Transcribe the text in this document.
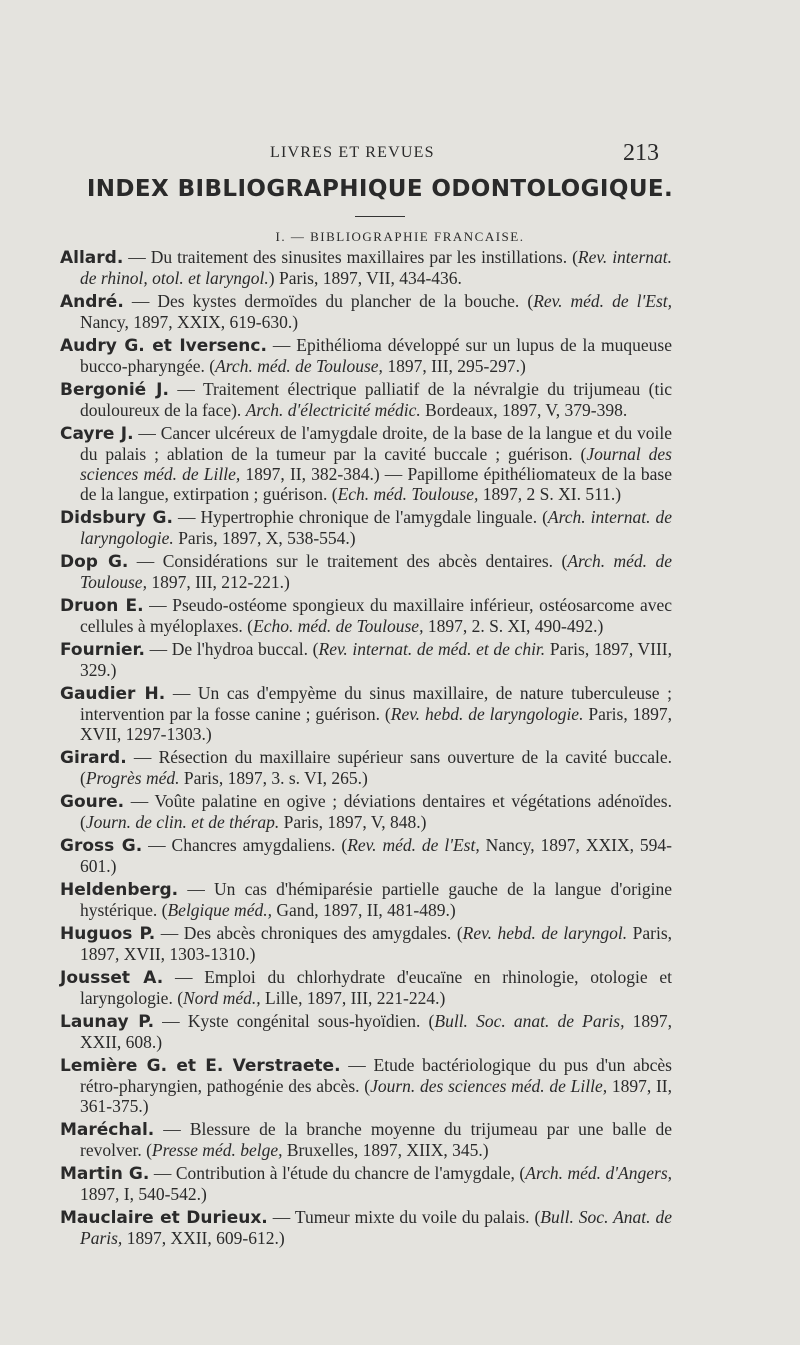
LIVRES ET REVUES	213
INDEX BIBLIOGRAPHIQUE ODONTOLOGIQUE.
I. — BIBLIOGRAPHIE FRANCAISE.

Allard. — Du traitement des sinusites maxillaires par les instillations. (Rev. internat. de rhinol, otol. et laryngol.) Paris, 1897, VII, 434-436.

André. — Des kystes dermoïdes du plancher de la bouche. (Rev. méd. de l'Est, Nancy, 1897, XXIX, 619-630.)

Audry G. et Iversenc. — Epithélioma développé sur un lupus de la muqueuse bucco-pharyngée. (Arch. méd. de Toulouse, 1897, III, 295-297.)

Bergonié J. — Traitement électrique palliatif de la névralgie du trijumeau (tic douloureux de la face). Arch. d'électricité médic. Bordeaux, 1897, V, 379-398.

Cayre J. — Cancer ulcéreux de l'amygdale droite, de la base de la langue et du voile du palais ; ablation de la tumeur par la cavité buccale ; guérison. (Journal des sciences méd. de Lille, 1897, II, 382-384.) — Papillome épithéliomateux de la base de la langue, extirpation ; guérison. (Ech. méd. Toulouse, 1897, 2 S. XI. 511.)

Didsbury G. — Hypertrophie chronique de l'amygdale linguale. (Arch. internat. de laryngologie. Paris, 1897, X, 538-554.)

Dop G. — Considérations sur le traitement des abcès dentaires. (Arch. méd. de Toulouse, 1897, III, 212-221.)

Druon E. — Pseudo-ostéome spongieux du maxillaire inférieur, ostéosarcome avec cellules à myéloplaxes. (Echo. méd. de Toulouse, 1897, 2. S. XI, 490-492.)

Fournier. — De l'hydroa buccal. (Rev. internat. de méd. et de chir. Paris, 1897, VIII, 329.)

Gaudier H. — Un cas d'empyème du sinus maxillaire, de nature tuberculeuse ; intervention par la fosse canine ; guérison. (Rev. hebd. de laryngologie. Paris, 1897, XVII, 1297-1303.)

Girard. — Résection du maxillaire supérieur sans ouverture de la cavité buccale. (Progrès méd. Paris, 1897, 3. s. VI, 265.)

Goure. — Voûte palatine en ogive ; déviations dentaires et végétations adénoïdes. (Journ. de clin. et de thérap. Paris, 1897, V, 848.)

Gross G. — Chancres amygdaliens. (Rev. méd. de l'Est, Nancy, 1897, XXIX, 594-601.)

Heldenberg. — Un cas d'hémiparésie partielle gauche de la langue d'origine hystérique. (Belgique méd., Gand, 1897, II, 481-489.)

Huguos P. — Des abcès chroniques des amygdales. (Rev. hebd. de laryngol. Paris, 1897, XVII, 1303-1310.)

Jousset A. — Emploi du chlorhydrate d'eucaïne en rhinologie, otologie et laryngologie. (Nord méd., Lille, 1897, III, 221-224.)

Launay P. — Kyste congénital sous-hyoïdien. (Bull. Soc. anat. de Paris, 1897, XXII, 608.)

Lemière G. et E. Verstraete. — Etude bactériologique du pus d'un abcès rétro-pharyngien, pathogénie des abcès. (Journ. des sciences méd. de Lille, 1897, II, 361-375.)

Maréchal. — Blessure de la branche moyenne du trijumeau par une balle de revolver. (Presse méd. belge, Bruxelles, 1897, XIIX, 345.)

Martin G. — Contribution à l'étude du chancre de l'amygdale, (Arch. méd. d'Angers, 1897, I, 540-542.)

Mauclaire et Durieux. — Tumeur mixte du voile du palais. (Bull. Soc. Anat. de Paris, 1897, XXII, 609-612.)
